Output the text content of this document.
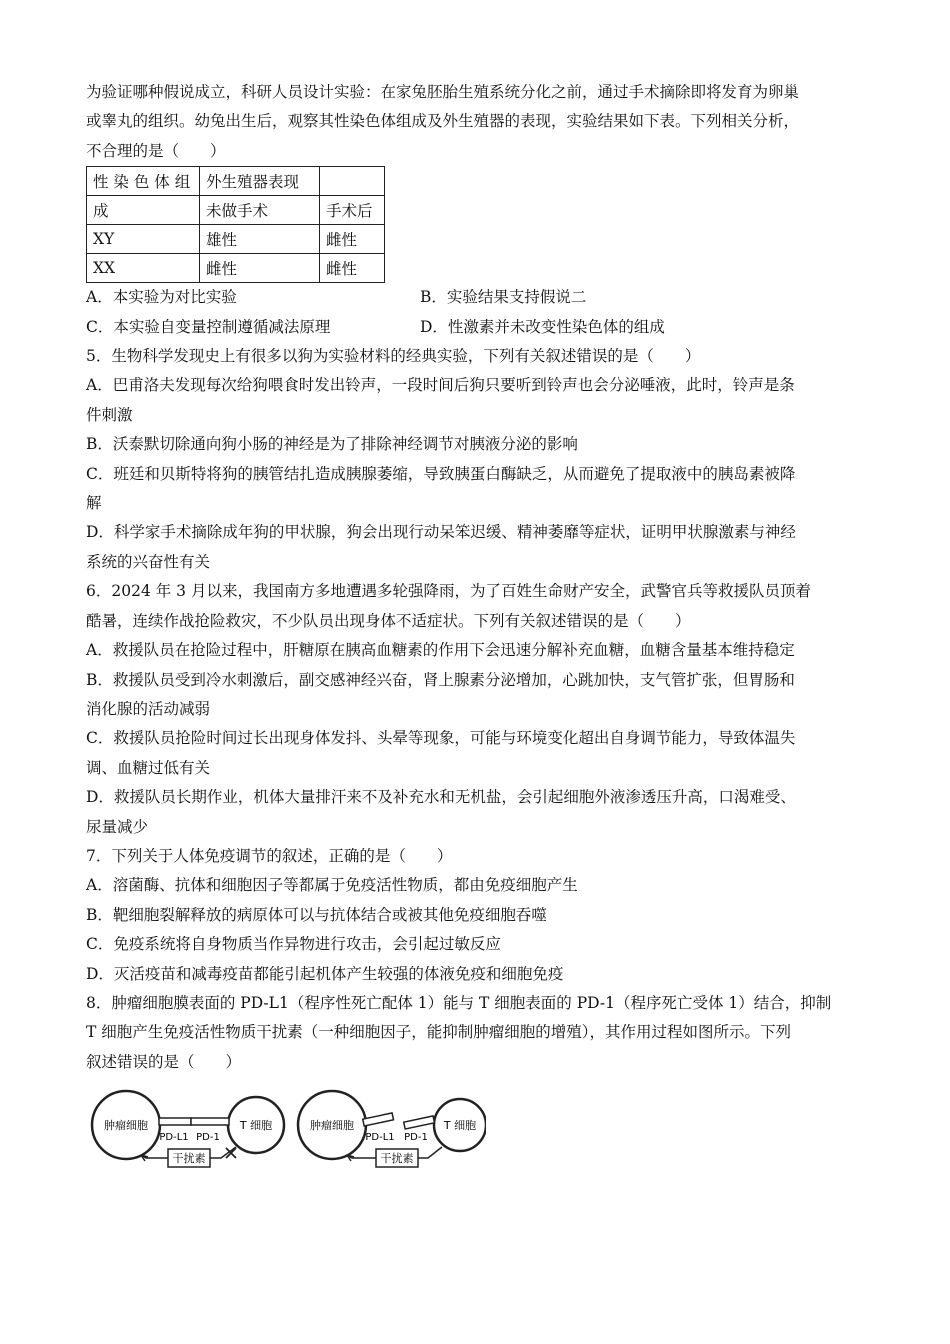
为验证哪种假说成立，科研人员设计实验：在家兔胚胎生殖系统分化之前，通过手术摘除即将发育为卵巢
或睾丸的组织。幼兔出生后，观察其性染色体组成及外生殖器的表现，实验结果如下表。下列相关分析，
不合理的是（　　）
性 染 色 体 组	外生殖器表现	
成	未做手术	手术后
XY	雄性	雌性
XX	雌性	雌性
A．本实验为对比实验	B．实验结果支持假说二
C．本实验自变量控制遵循减法原理	D．性激素并未改变性染色体的组成
5．生物科学发现史上有很多以狗为实验材料的经典实验，下列有关叙述错误的是（　　）
A．巴甫洛夫发现每次给狗喂食时发出铃声，一段时间后狗只要听到铃声也会分泌唾液，此时，铃声是条
件刺激
B．沃泰默切除通向狗小肠的神经是为了排除神经调节对胰液分泌的影响
C．班廷和贝斯特将狗的胰管结扎造成胰腺萎缩，导致胰蛋白酶缺乏，从而避免了提取液中的胰岛素被降
解
D．科学家手术摘除成年狗的甲状腺，狗会出现行动呆笨迟缓、精神萎靡等症状，证明甲状腺激素与神经
系统的兴奋性有关
6．2024 年 3 月以来，我国南方多地遭遇多轮强降雨，为了百姓生命财产安全，武警官兵等救援队员顶着
酷暑，连续作战抢险救灾，不少队员出现身体不适症状。下列有关叙述错误的是（　　）
A．救援队员在抢险过程中，肝糖原在胰高血糖素的作用下会迅速分解补充血糖，血糖含量基本维持稳定
B．救援队员受到冷水刺激后，副交感神经兴奋，肾上腺素分泌增加，心跳加快，支气管扩张，但胃肠和
消化腺的活动减弱
C．救援队员抢险时间过长出现身体发抖、头晕等现象，可能与环境变化超出自身调节能力，导致体温失
调、血糖过低有关
D．救援队员长期作业，机体大量排汗来不及补充水和无机盐，会引起细胞外液渗透压升高，口渴难受、
尿量减少
7．下列关于人体免疫调节的叙述，正确的是（　　）
A．溶菌酶、抗体和细胞因子等都属于免疫活性物质，都由免疫细胞产生
B．靶细胞裂解释放的病原体可以与抗体结合或被其他免疫细胞吞噬
C．免疫系统将自身物质当作异物进行攻击，会引起过敏反应
D．灭活疫苗和减毒疫苗都能引起机体产生较强的体液免疫和细胞免疫
8．肿瘤细胞膜表面的 PD-L1（程序性死亡配体 1）能与 T 细胞表面的 PD-1（程序死亡受体 1）结合，抑制
T 细胞产生免疫活性物质干扰素（一种细胞因子，能抑制肿瘤细胞的增殖），其作用过程如图所示。下列
叙述错误的是（　　）
肿瘤细胞	T 细胞
PD-L1 PD-1
干扰素
肿瘤细胞	T 细胞
PD-L1 PD-1
干扰素
